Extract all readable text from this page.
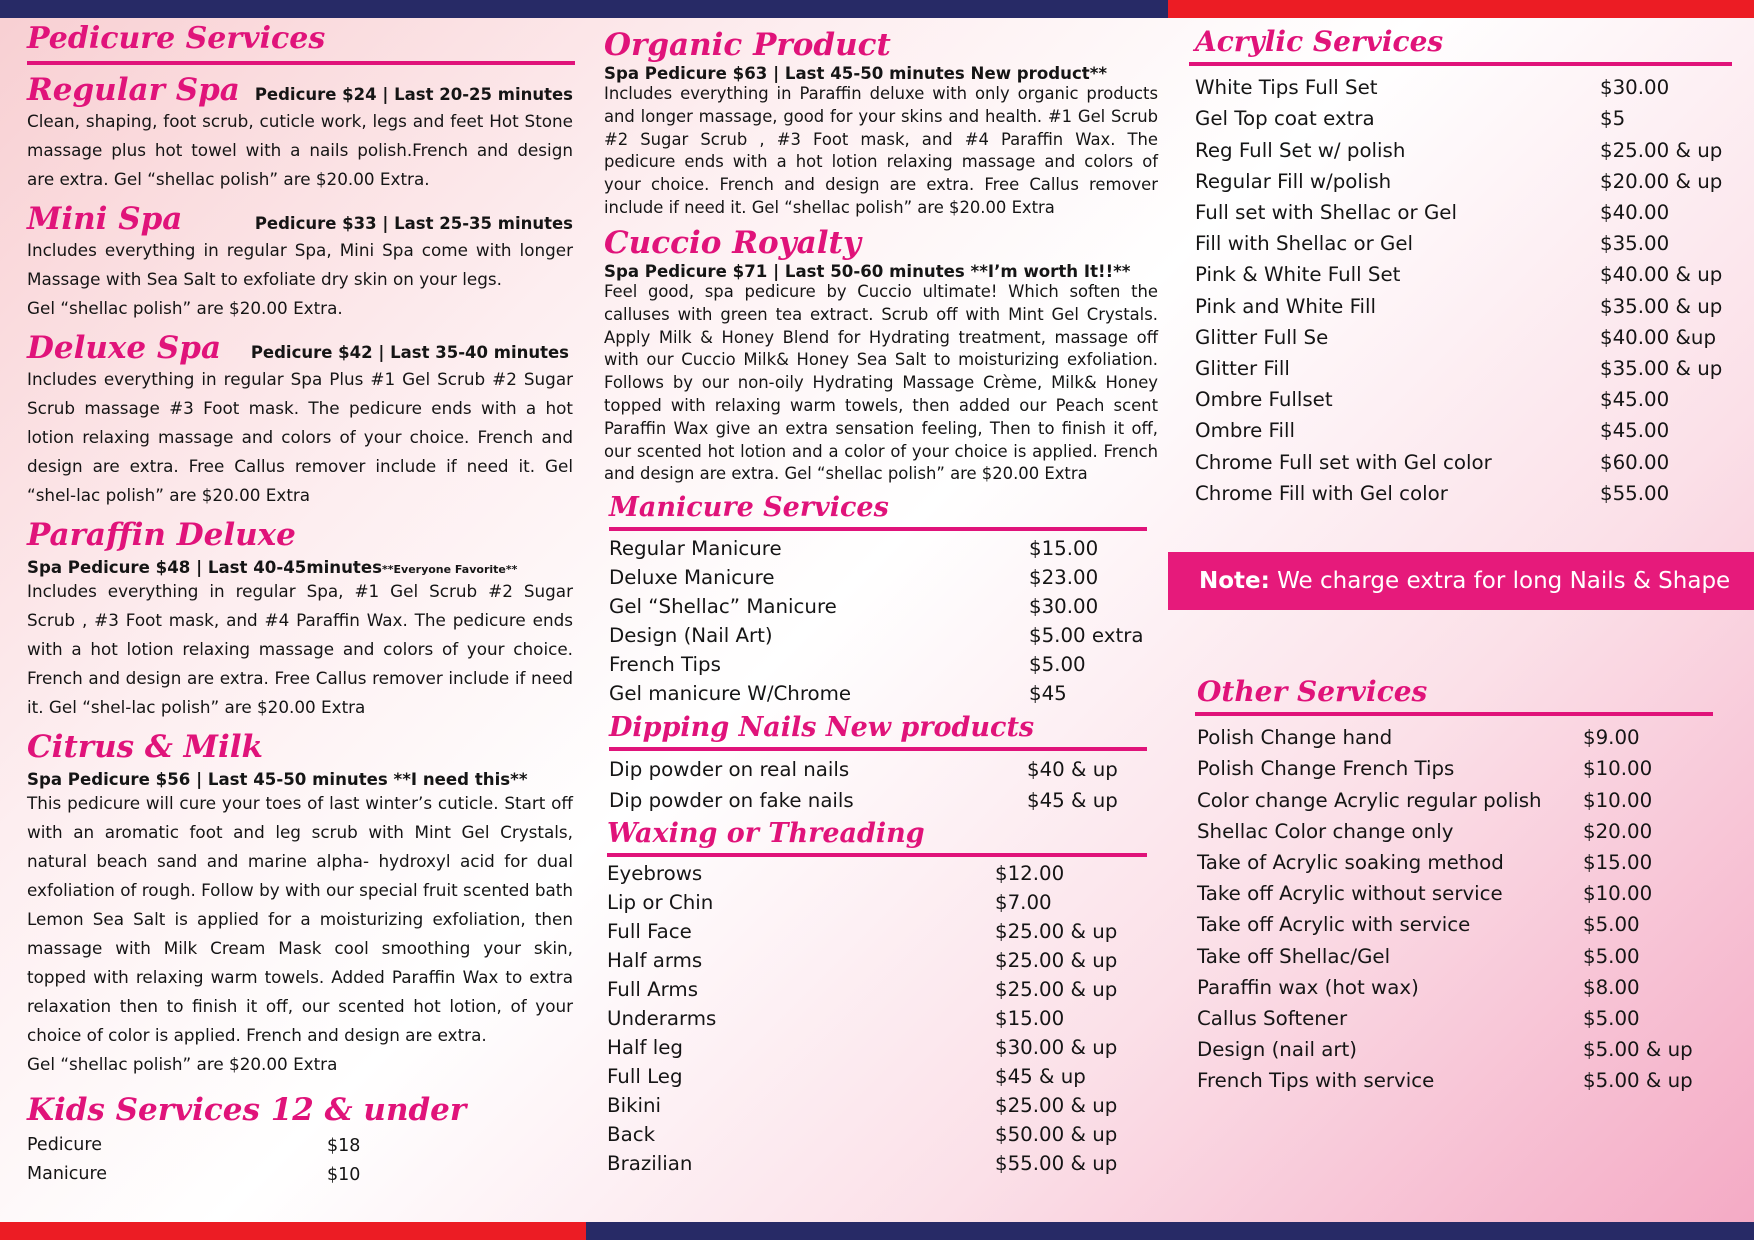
Pedicure Services
Regular Spa Pedicure $24 | Last 20-25 minutes

Clean, shaping, foot scrub, cuticle work, legs and feet Hot Stone massage plus hot towel with a nails polish.French and design are extra. Gel “shellac polish” are $20.00 Extra.

Mini Spa	Pedicure $33 | Last 25-35 minutes

Includes everything in regular Spa, Mini Spa come with longer Massage with Sea Salt to exfoliate dry skin on your legs.

Gel “shellac polish” are $20.00 Extra.

Deluxe Spa Pedicure $42 | Last 35-40 minutes

Includes everything in regular Spa Plus #1 Gel Scrub #2 Sugar Scrub massage #3 Foot mask. The pedicure ends with a hot lotion relaxing massage and colors of your choice. French and design are extra. Free Callus remover include if need it. Gel “shel-lac polish” are $20.00 Extra

Paraffin Deluxe
Spa Pedicure $48 | Last 40-45minutes**Everyone Favorite**

Includes everything in regular Spa, #1 Gel Scrub #2 Sugar Scrub , #3 Foot mask, and #4 Paraffin Wax. The pedicure ends with a hot lotion relaxing massage and colors of your choice. French and design are extra. Free Callus remover include if need it. Gel “shel-lac polish” are $20.00 Extra

Citrus & Milk
Spa Pedicure $56 | Last 45-50 minutes **I need this**

This pedicure will cure your toes of last winter’s cuticle. Start off with an aromatic foot and leg scrub with Mint Gel Crystals, natural beach sand and marine alpha- hydroxyl acid for dual exfoliation of rough. Follow by with our special fruit scented bath Lemon Sea Salt is applied for a moisturizing exfoliation, then massage with Milk Cream Mask cool smoothing your skin, topped with relaxing warm towels. Added Paraffin Wax to extra relaxation then to finish it off, our scented hot lotion, of your choice of color is applied. French and design are extra.

Gel “shellac polish” are $20.00 Extra

Kids Services 12 & under
Pedicure	$18
Manicure	$10
Organic Product
Spa Pedicure $63 | Last 45-50 minutes New product**

Includes everything in Paraffin deluxe with only organic products and longer massage, good for your skins and health. #1 Gel Scrub #2 Sugar Scrub , #3 Foot mask, and #4 Paraffin Wax. The pedicure ends with a hot lotion relaxing massage and colors of your choice. French and design are extra. Free Callus remover include if need it. Gel “shellac polish” are $20.00 Extra

Cuccio Royalty
Spa Pedicure $71 | Last 50-60 minutes **I’m worth It!!**

Feel good, spa pedicure by Cuccio ultimate! Which soften the calluses with green tea extract. Scrub off with Mint Gel Crystals. Apply Milk & Honey Blend for Hydrating treatment, massage off with our Cuccio Milk& Honey Sea Salt to moisturizing exfoliation. Follows by our non-oily Hydrating Massage Crème, Milk& Honey topped with relaxing warm towels, then added our Peach scent Paraffin Wax give an extra sensation feeling, Then to finish it off, our scented hot lotion and a color of your choice is applied. French and design are extra. Gel “shellac polish” are $20.00 Extra

Manicure Services
Regular Manicure	$15.00
Deluxe Manicure	$23.00
Gel “Shellac” Manicure	$30.00
Design (Nail Art)	$5.00 extra
French Tips	$5.00
Gel manicure W/Chrome	$45
Dipping Nails New products
Dip powder on real nails	$40 & up
Dip powder on fake nails	$45 & up
Waxing or Threading
Eyebrows	$12.00
Lip or Chin	$7.00
Full Face	$25.00 & up
Half arms	$25.00 & up
Full Arms	$25.00 & up
Underarms	$15.00
Half leg	$30.00 & up
Full Leg	$45 & up
Bikini	$25.00 & up
Back	$50.00 & up
Brazilian	$55.00 & up
Acrylic Services
White Tips Full Set	$30.00
Gel Top coat extra	$5
Reg Full Set w/ polish	$25.00 & up
Regular Fill w/polish	$20.00 & up
Full set with Shellac or Gel	$40.00
Fill with Shellac or Gel	$35.00
Pink & White Full Set	$40.00 & up
Pink and White Fill	$35.00 & up
Glitter Full Se	$40.00 &up
Glitter Fill	$35.00 & up
Ombre Fullset	$45.00
Ombre Fill	$45.00
Chrome Full set with Gel color	$60.00
Chrome Fill with Gel color	$55.00
Note: We charge extra for long Nails & Shape
Other Services
Polish Change hand	$9.00
Polish Change French Tips	$10.00
Color change Acrylic regular polish	$10.00
Shellac Color change only	$20.00
Take of Acrylic soaking method	$15.00
Take off Acrylic without service	$10.00
Take off Acrylic with service	$5.00
Take off Shellac/Gel	$5.00
Paraffin wax (hot wax)	$8.00
Callus Softener	$5.00
Design (nail art)	$5.00 & up
French Tips with service	$5.00 & up
